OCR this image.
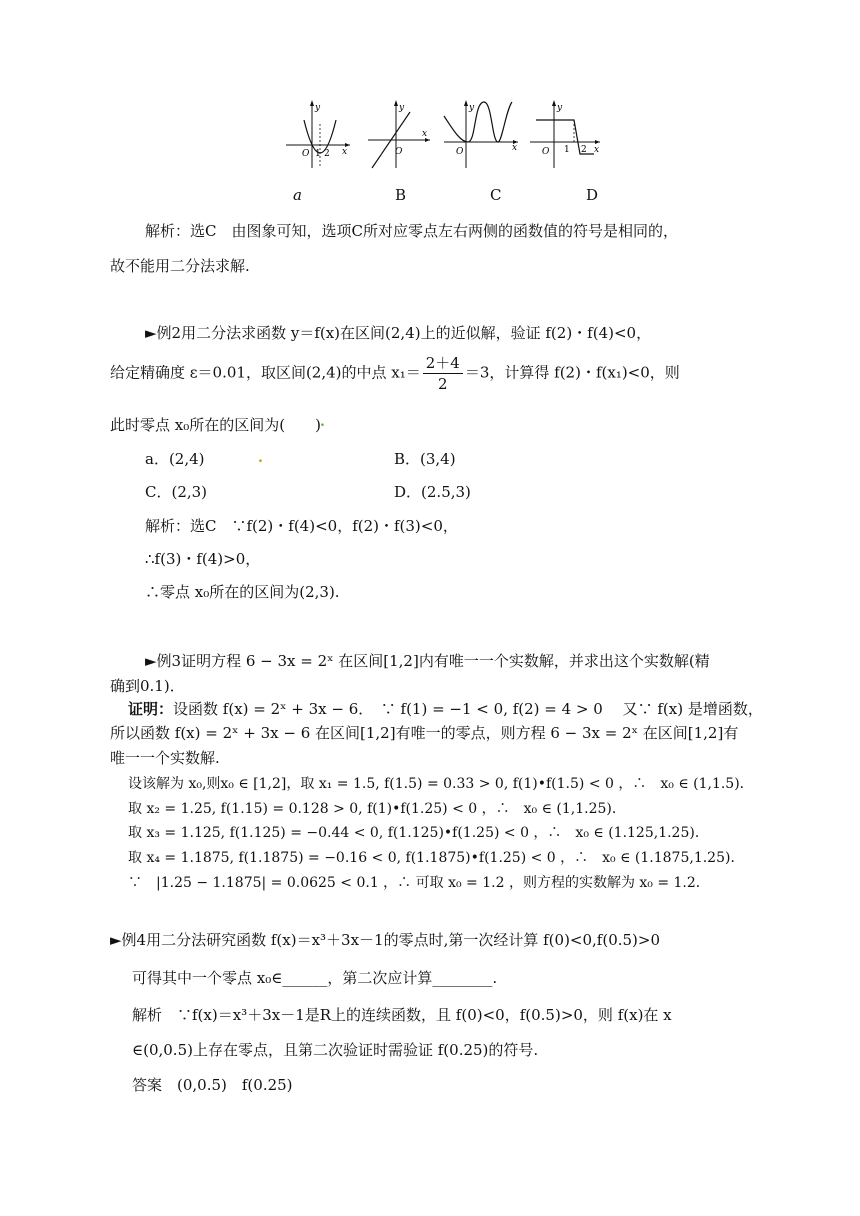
y
O 1 2 x
y
O
x
y
O	x
y
O 1 2 x
a	B	C	D
解析：选C　由图象可知，选项C所对应零点左右两侧的函数值的符号是相同的，
故不能用二分法求解.
►例2用二分法求函数 y＝f(x)在区间(2,4)上的近似解，验证 f(2)・f(4)<0，
给定精确度 ε＝0.01，取区间(2,4)的中点 $x_1= \frac{2+4}{2} =3$，计算得 f(2)・f(x₁)<0，则
此时零点 x₀所在的区间为(　　) .
a．(2,4)	.	B．(3,4)
C．(2,3)	D．(2.5,3)
解析：选C　∵f(2)・f(4)<0，f(2)・f(3)<0，
∴f(3)・f(4)>0，
∴零点 x₀所在的区间为(2,3).
►例3证明方程 6 − 3x = 2ˣ 在区间[1,2]内有唯一一个实数解，并求出这个实数解(精
确到0.1)．
证明：设函数 f(x) = 2ˣ + 3x − 6．　∵ f(1) = −1 < 0, f(2) = 4 > 0　 又∵ f(x) 是增函数，
所以函数 f(x) = 2ˣ + 3x − 6 在区间[1,2]有唯一的零点，则方程 6 − 3x = 2ˣ 在区间[1,2]有
唯一一个实数解.
设该解为 x₀,则x₀ ∈ [1,2]，取 x₁ = 1.5, f(1.5) = 0.33 > 0, f(1)•f(1.5) < 0 ，∴　x₀ ∈ (1,1.5)．
取 x₂ = 1.25, f(1.15) = 0.128 > 0, f(1)•f(1.25) < 0 ，∴　x₀ ∈ (1,1.25)．
取 x₃ = 1.125, f(1.125) = −0.44 < 0, f(1.125)•f(1.25) < 0 ，∴　x₀ ∈ (1.125,1.25)．
取 x₄ = 1.1875, f(1.1875) = −0.16 < 0, f(1.1875)•f(1.25) < 0 ，∴　x₀ ∈ (1.1875,1.25)．
∵　|1.25 − 1.1875| = 0.0625 < 0.1 ，∴ 可取 x₀ = 1.2 ，则方程的实数解为 x₀ = 1.2．
►例4用二分法研究函数 f(x)＝x³＋3x－1的零点时,第一次经计算 f(0)<0,f(0.5)>0
可得其中一个零点 x₀∈______，第二次应计算________.
解析　∵f(x)＝x³＋3x－1是R上的连续函数，且 f(0)<0，f(0.5)>0，则 f(x)在 x
∈(0,0.5)上存在零点，且第二次验证时需验证 f(0.25)的符号.
答案　(0,0.5)　f(0.25)
